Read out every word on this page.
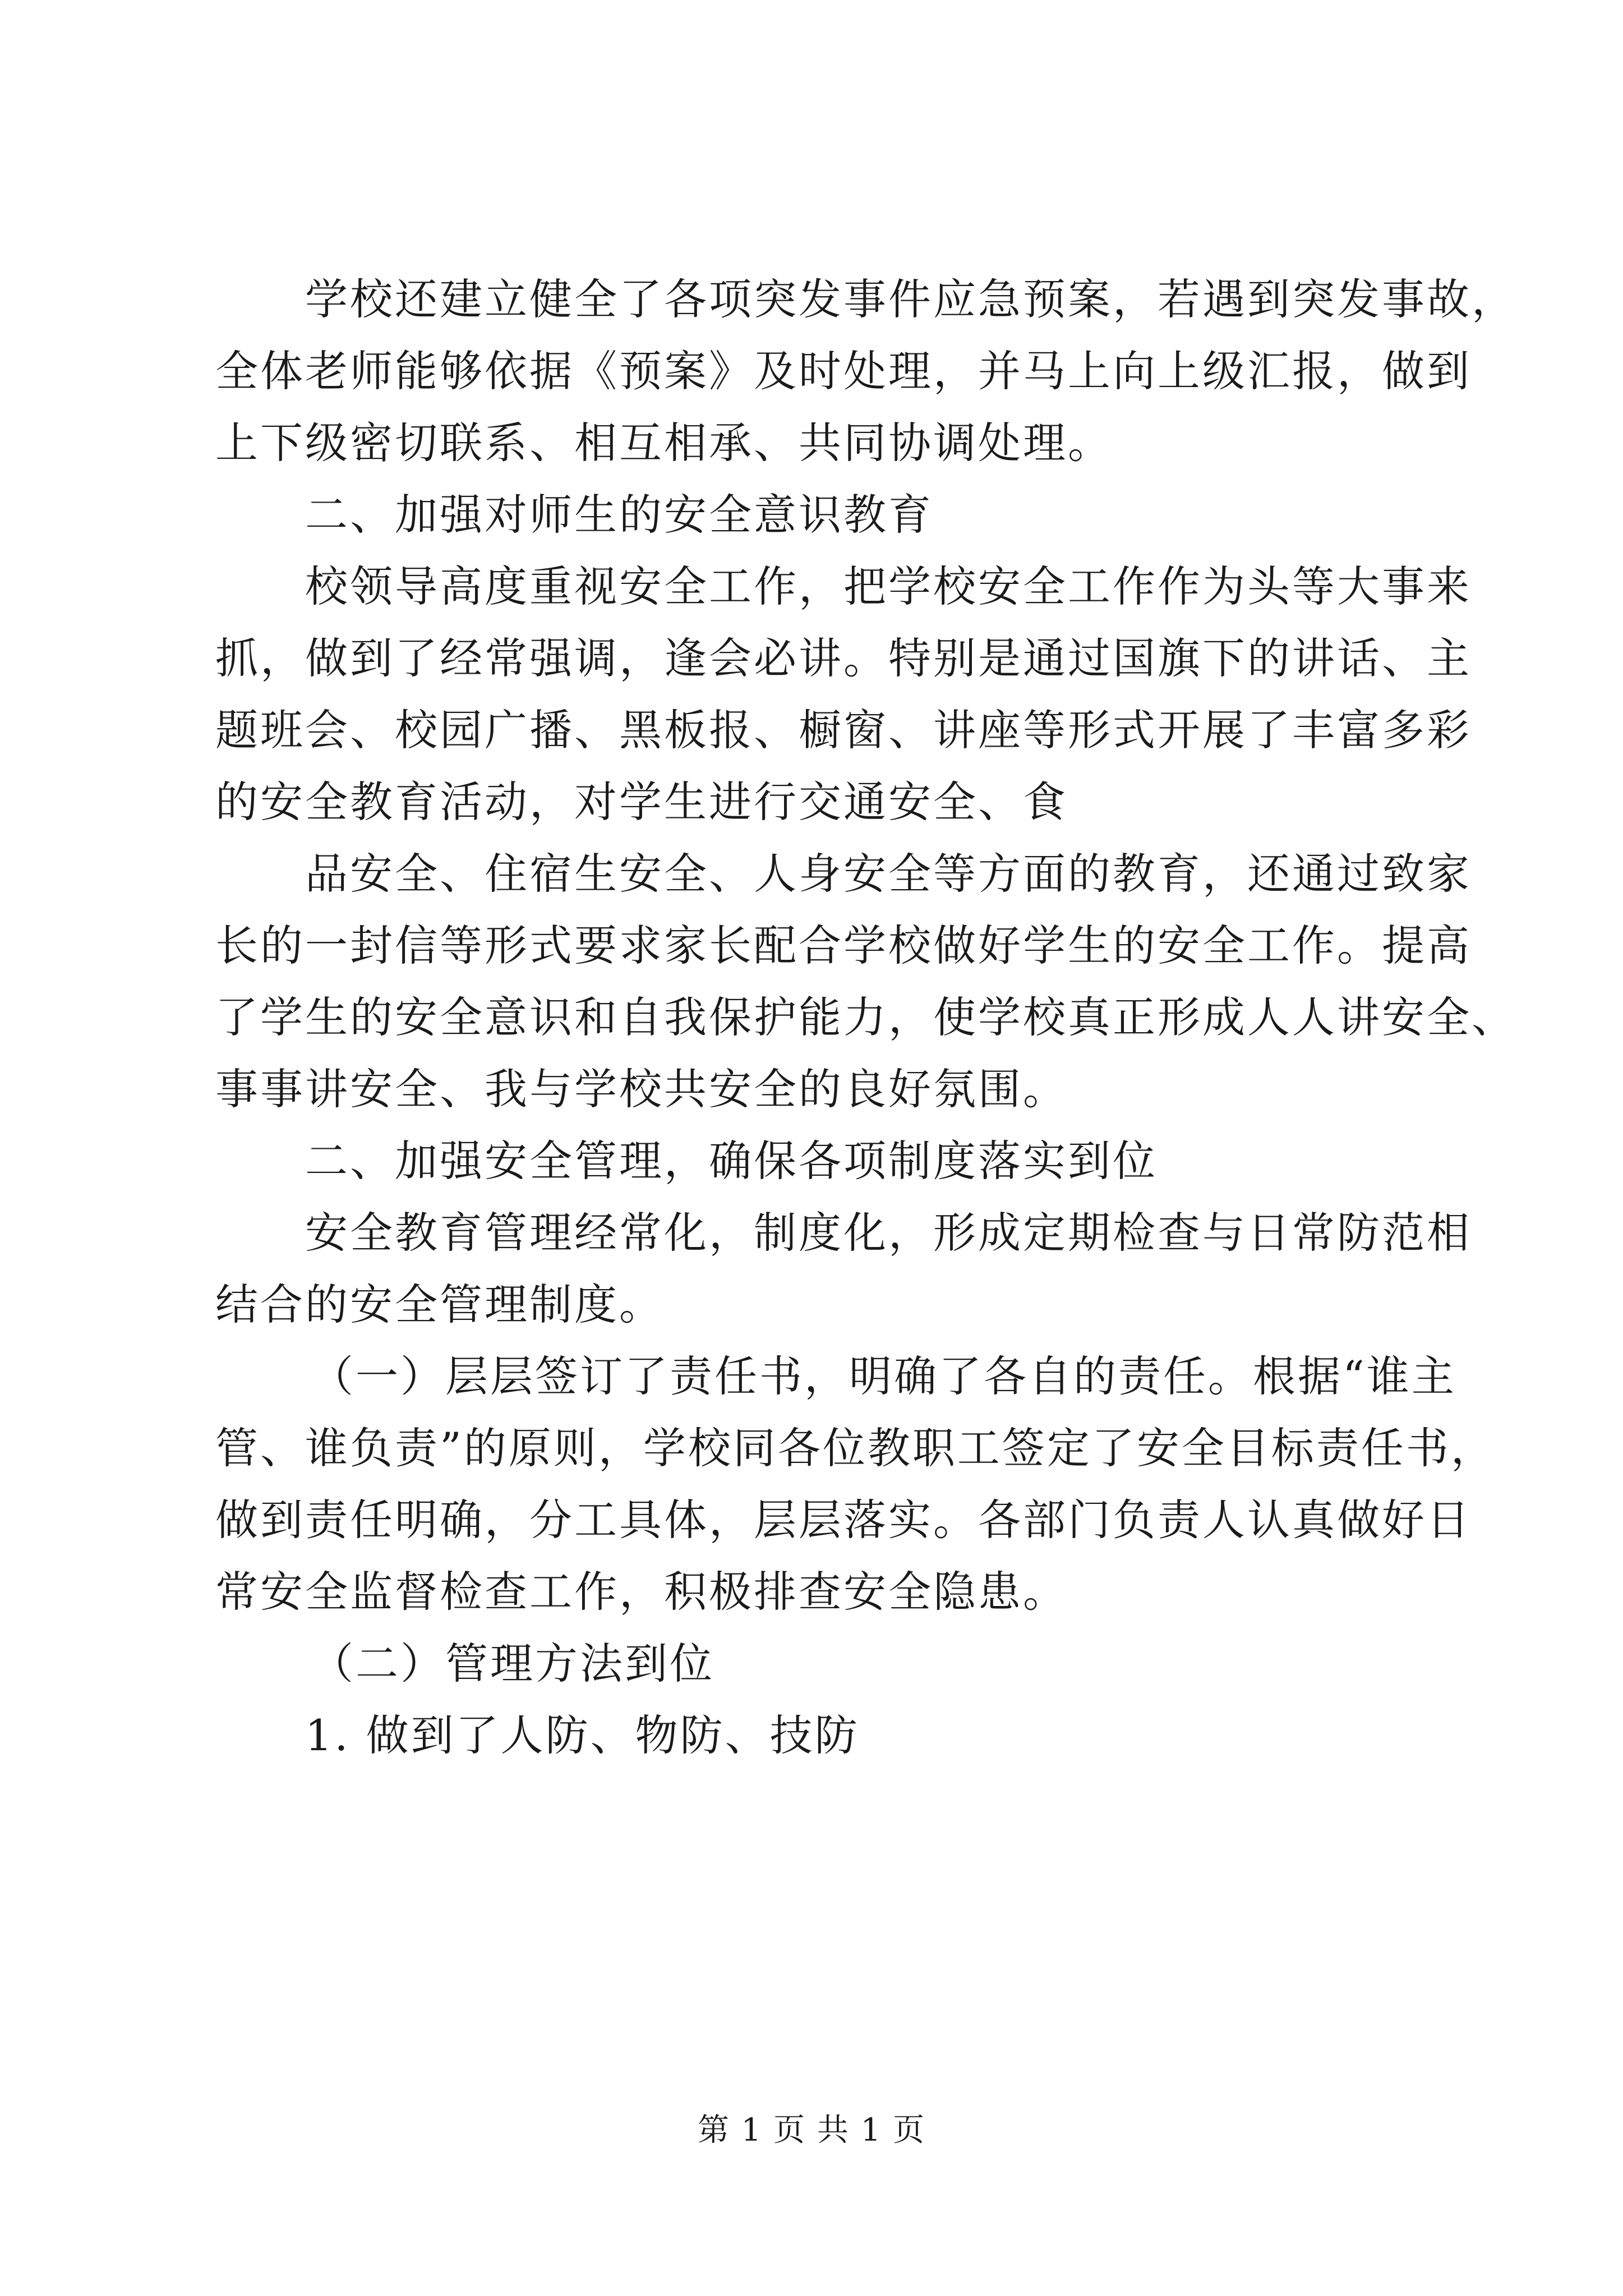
学校还建立健全了各项突发事件应急预案，若遇到突发事故，
全体老师能够依据《预案》及时处理，并马上向上级汇报，做到
上下级密切联系、相互相承、共同协调处理。
二、加强对师生的安全意识教育
校领导高度重视安全工作，把学校安全工作作为头等大事来
抓，做到了经常强调，逢会必讲。特别是通过国旗下的讲话、主
题班会、校园广播、黑板报、橱窗、讲座等形式开展了丰富多彩
的安全教育活动，对学生进行交通安全、食
品安全、住宿生安全、人身安全等方面的教育，还通过致家
长的一封信等形式要求家长配合学校做好学生的安全工作。提高
了学生的安全意识和自我保护能力，使学校真正形成人人讲安全、
事事讲安全、我与学校共安全的良好氛围。
二、加强安全管理，确保各项制度落实到位
安全教育管理经常化，制度化，形成定期检查与日常防范相
结合的安全管理制度。
（一）层层签订了责任书，明确了各自的责任。根据“谁主
管、谁负责”的原则，学校同各位教职工签定了安全目标责任书，
做到责任明确，分工具体，层层落实。各部门负责人认真做好日
常安全监督检查工作，积极排查安全隐患。
（二）管理方法到位
1. 做到了人防、物防、技防
第 1 页 共 1 页
